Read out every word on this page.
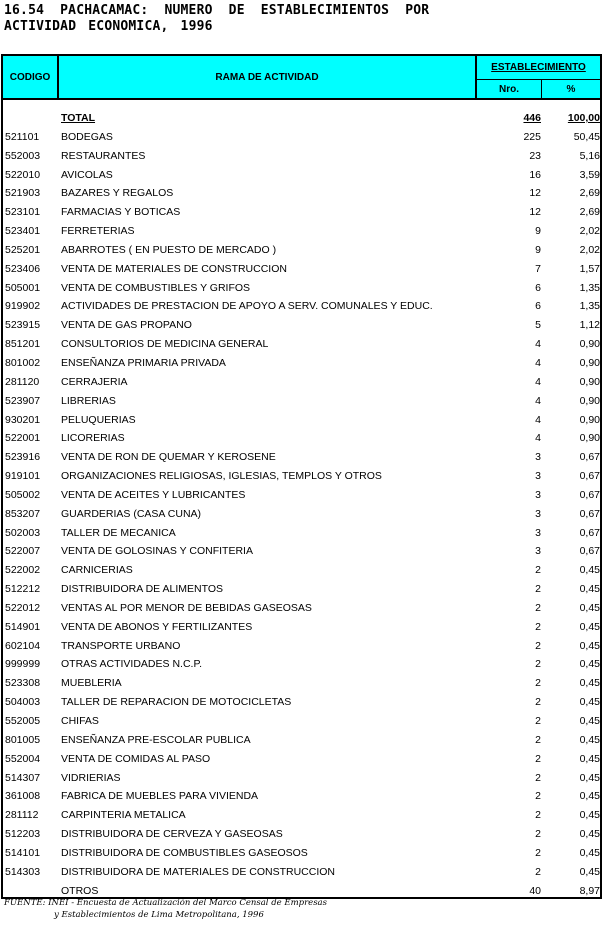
16.54 PACHACAMAC: NUMERO DE ESTABLECIMIENTOS POR
ACTIVIDAD ECONOMICA, 1996
CODIGO	RAMA DE ACTIVIDAD
ESTABLECIMIENTO
Nro.	%
TOTAL	446	100,00
521101 BODEGAS	225	50,45
552003 RESTAURANTES	23	5,16
522010 AVICOLAS	16	3,59
521903 BAZARES Y REGALOS	12	2,69
523101 FARMACIAS Y BOTICAS	12	2,69
523401 FERRETERIAS	9	2,02
525201 ABARROTES ( EN PUESTO DE MERCADO )	9	2,02
523406 VENTA DE MATERIALES DE CONSTRUCCION	7	1,57
505001 VENTA DE COMBUSTIBLES Y GRIFOS	6	1,35
919902 ACTIVIDADES DE PRESTACION DE APOYO A SERV. COMUNALES Y EDUC.	6	1,35
523915 VENTA DE GAS PROPANO	5	1,12
851201 CONSULTORIOS DE MEDICINA GENERAL	4	0,90
801002 ENSEÑANZA PRIMARIA PRIVADA	4	0,90
281120 CERRAJERIA	4	0,90
523907 LIBRERIAS	4	0,90
930201 PELUQUERIAS	4	0,90
522001 LICORERIAS	4	0,90
523916 VENTA DE RON DE QUEMAR Y KEROSENE	3	0,67
919101 ORGANIZACIONES RELIGIOSAS, IGLESIAS, TEMPLOS Y OTROS	3	0,67
505002 VENTA DE ACEITES Y LUBRICANTES	3	0,67
853207 GUARDERIAS (CASA CUNA)	3	0,67
502003 TALLER DE MECANICA	3	0,67
522007 VENTA DE GOLOSINAS Y CONFITERIA	3	0,67
522002 CARNICERIAS	2	0,45
512212 DISTRIBUIDORA DE ALIMENTOS	2	0,45
522012 VENTAS AL POR MENOR DE BEBIDAS GASEOSAS	2	0,45
514901 VENTA DE ABONOS Y FERTILIZANTES	2	0,45
602104 TRANSPORTE URBANO	2	0,45
999999 OTRAS ACTIVIDADES N.C.P.	2	0,45
523308 MUEBLERIA	2	0,45
504003 TALLER DE REPARACION DE MOTOCICLETAS	2	0,45
552005 CHIFAS	2	0,45
801005 ENSEÑANZA PRE-ESCOLAR PUBLICA	2	0,45
552004 VENTA DE COMIDAS AL PASO	2	0,45
514307 VIDRIERIAS	2	0,45
361008 FABRICA DE MUEBLES PARA VIVIENDA	2	0,45
281112 CARPINTERIA METALICA	2	0,45
512203 DISTRIBUIDORA DE CERVEZA Y GASEOSAS	2	0,45
514101 DISTRIBUIDORA DE COMBUSTIBLES GASEOSOS	2	0,45
514303 DISTRIBUIDORA DE MATERIALES DE CONSTRUCCION	2	0,45
OTROS	40	8,97
FUENTE: INEI - Encuesta de Actualización del Marco Censal de Empresas
y Establecimientos de Lima Metropolitana, 1996
